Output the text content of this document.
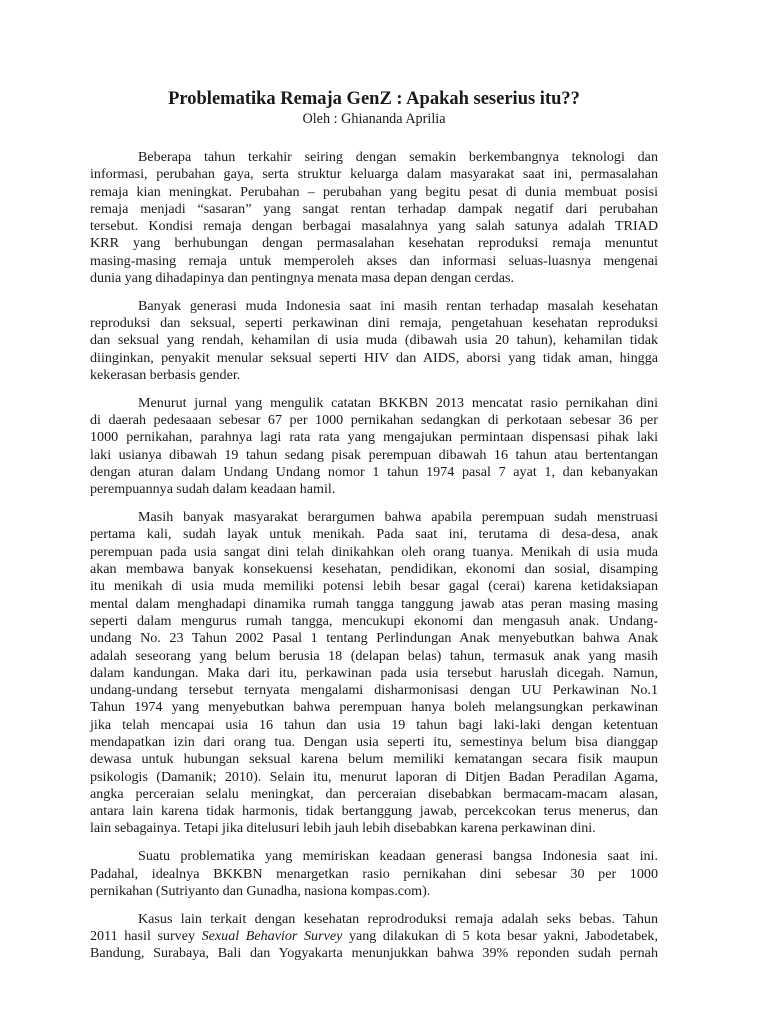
Problematika Remaja GenZ : Apakah seserius itu??

Oleh : Ghiananda Aprilia

Beberapa tahun terkahir seiring dengan semakin berkembangnya teknologi dan
informasi, perubahan gaya, serta struktur keluarga dalam masyarakat saat ini, permasalahan
remaja kian meningkat. Perubahan – perubahan yang begitu pesat di dunia membuat posisi
remaja menjadi “sasaran” yang sangat rentan terhadap dampak negatif dari perubahan
tersebut. Kondisi remaja dengan berbagai masalahnya yang salah satunya adalah TRIAD
KRR yang berhubungan dengan permasalahan kesehatan reproduksi remaja menuntut
masing-masing remaja untuk memperoleh akses dan informasi seluas-luasnya mengenai
dunia yang dihadapinya dan pentingnya menata masa depan dengan cerdas.
Banyak generasi muda Indonesia saat ini masih rentan terhadap masalah kesehatan
reproduksi dan seksual, seperti perkawinan dini remaja, pengetahuan kesehatan reproduksi
dan seksual yang rendah, kehamilan di usia muda (dibawah usia 20 tahun), kehamilan tidak
diinginkan, penyakit menular seksual seperti HIV dan AIDS, aborsi yang tidak aman, hingga
kekerasan berbasis gender.
Menurut jurnal yang mengulik catatan BKKBN 2013 mencatat rasio pernikahan dini
di daerah pedesaaan sebesar 67 per 1000 pernikahan sedangkan di perkotaan sebesar 36 per
1000 pernikahan, parahnya lagi rata rata yang mengajukan permintaan dispensasi pihak laki
laki usianya dibawah 19 tahun sedang pisak perempuan dibawah 16 tahun atau bertentangan
dengan aturan dalam Undang Undang nomor 1 tahun 1974 pasal 7 ayat 1, dan kebanyakan
perempuannya sudah dalam keadaan hamil.
Masih banyak masyarakat berargumen bahwa apabila perempuan sudah menstruasi
pertama kali, sudah layak untuk menikah. Pada saat ini, terutama di desa-desa, anak
perempuan pada usia sangat dini telah dinikahkan oleh orang tuanya. Menikah di usia muda
akan membawa banyak konsekuensi kesehatan, pendidikan, ekonomi dan sosial, disamping
itu menikah di usia muda memiliki potensi lebih besar gagal (cerai) karena ketidaksiapan
mental dalam menghadapi dinamika rumah tangga tanggung jawab atas peran masing masing
seperti dalam mengurus rumah tangga, mencukupi ekonomi dan mengasuh anak. Undang-
undang No. 23 Tahun 2002 Pasal 1 tentang Perlindungan Anak menyebutkan bahwa Anak
adalah seseorang yang belum berusia 18 (delapan belas) tahun, termasuk anak yang masih
dalam kandungan. Maka dari itu, perkawinan pada usia tersebut haruslah dicegah. Namun,
undang-undang tersebut ternyata mengalami disharmonisasi dengan UU Perkawinan No.1
Tahun 1974 yang menyebutkan bahwa perempuan hanya boleh melangsungkan perkawinan
jika telah mencapai usia 16 tahun dan usia 19 tahun bagi laki-laki dengan ketentuan
mendapatkan izin dari orang tua. Dengan usia seperti itu, semestinya belum bisa dianggap
dewasa untuk hubungan seksual karena belum memiliki kematangan secara fisik maupun
psikologis (Damanik; 2010). Selain itu, menurut laporan di Ditjen Badan Peradilan Agama,
angka perceraian selalu meningkat, dan perceraian disebabkan bermacam-macam alasan,
antara lain karena tidak harmonis, tidak bertanggung jawab, percekcokan terus menerus, dan
lain sebagainya. Tetapi jika ditelusuri lebih jauh lebih disebabkan karena perkawinan dini.
Suatu problematika yang memiriskan keadaan generasi bangsa Indonesia saat ini.
Padahal, idealnya BKKBN menargetkan rasio pernikahan dini sebesar 30 per 1000
pernikahan (Sutriyanto dan Gunadha, nasiona kompas.com).
Kasus lain terkait dengan kesehatan reprodroduksi remaja adalah seks bebas. Tahun
2011 hasil survey Sexual Behavior Survey yang dilakukan di 5 kota besar yakni, Jabodetabek,
Bandung, Surabaya, Bali dan Yogyakarta menunjukkan bahwa 39% reponden sudah pernah
